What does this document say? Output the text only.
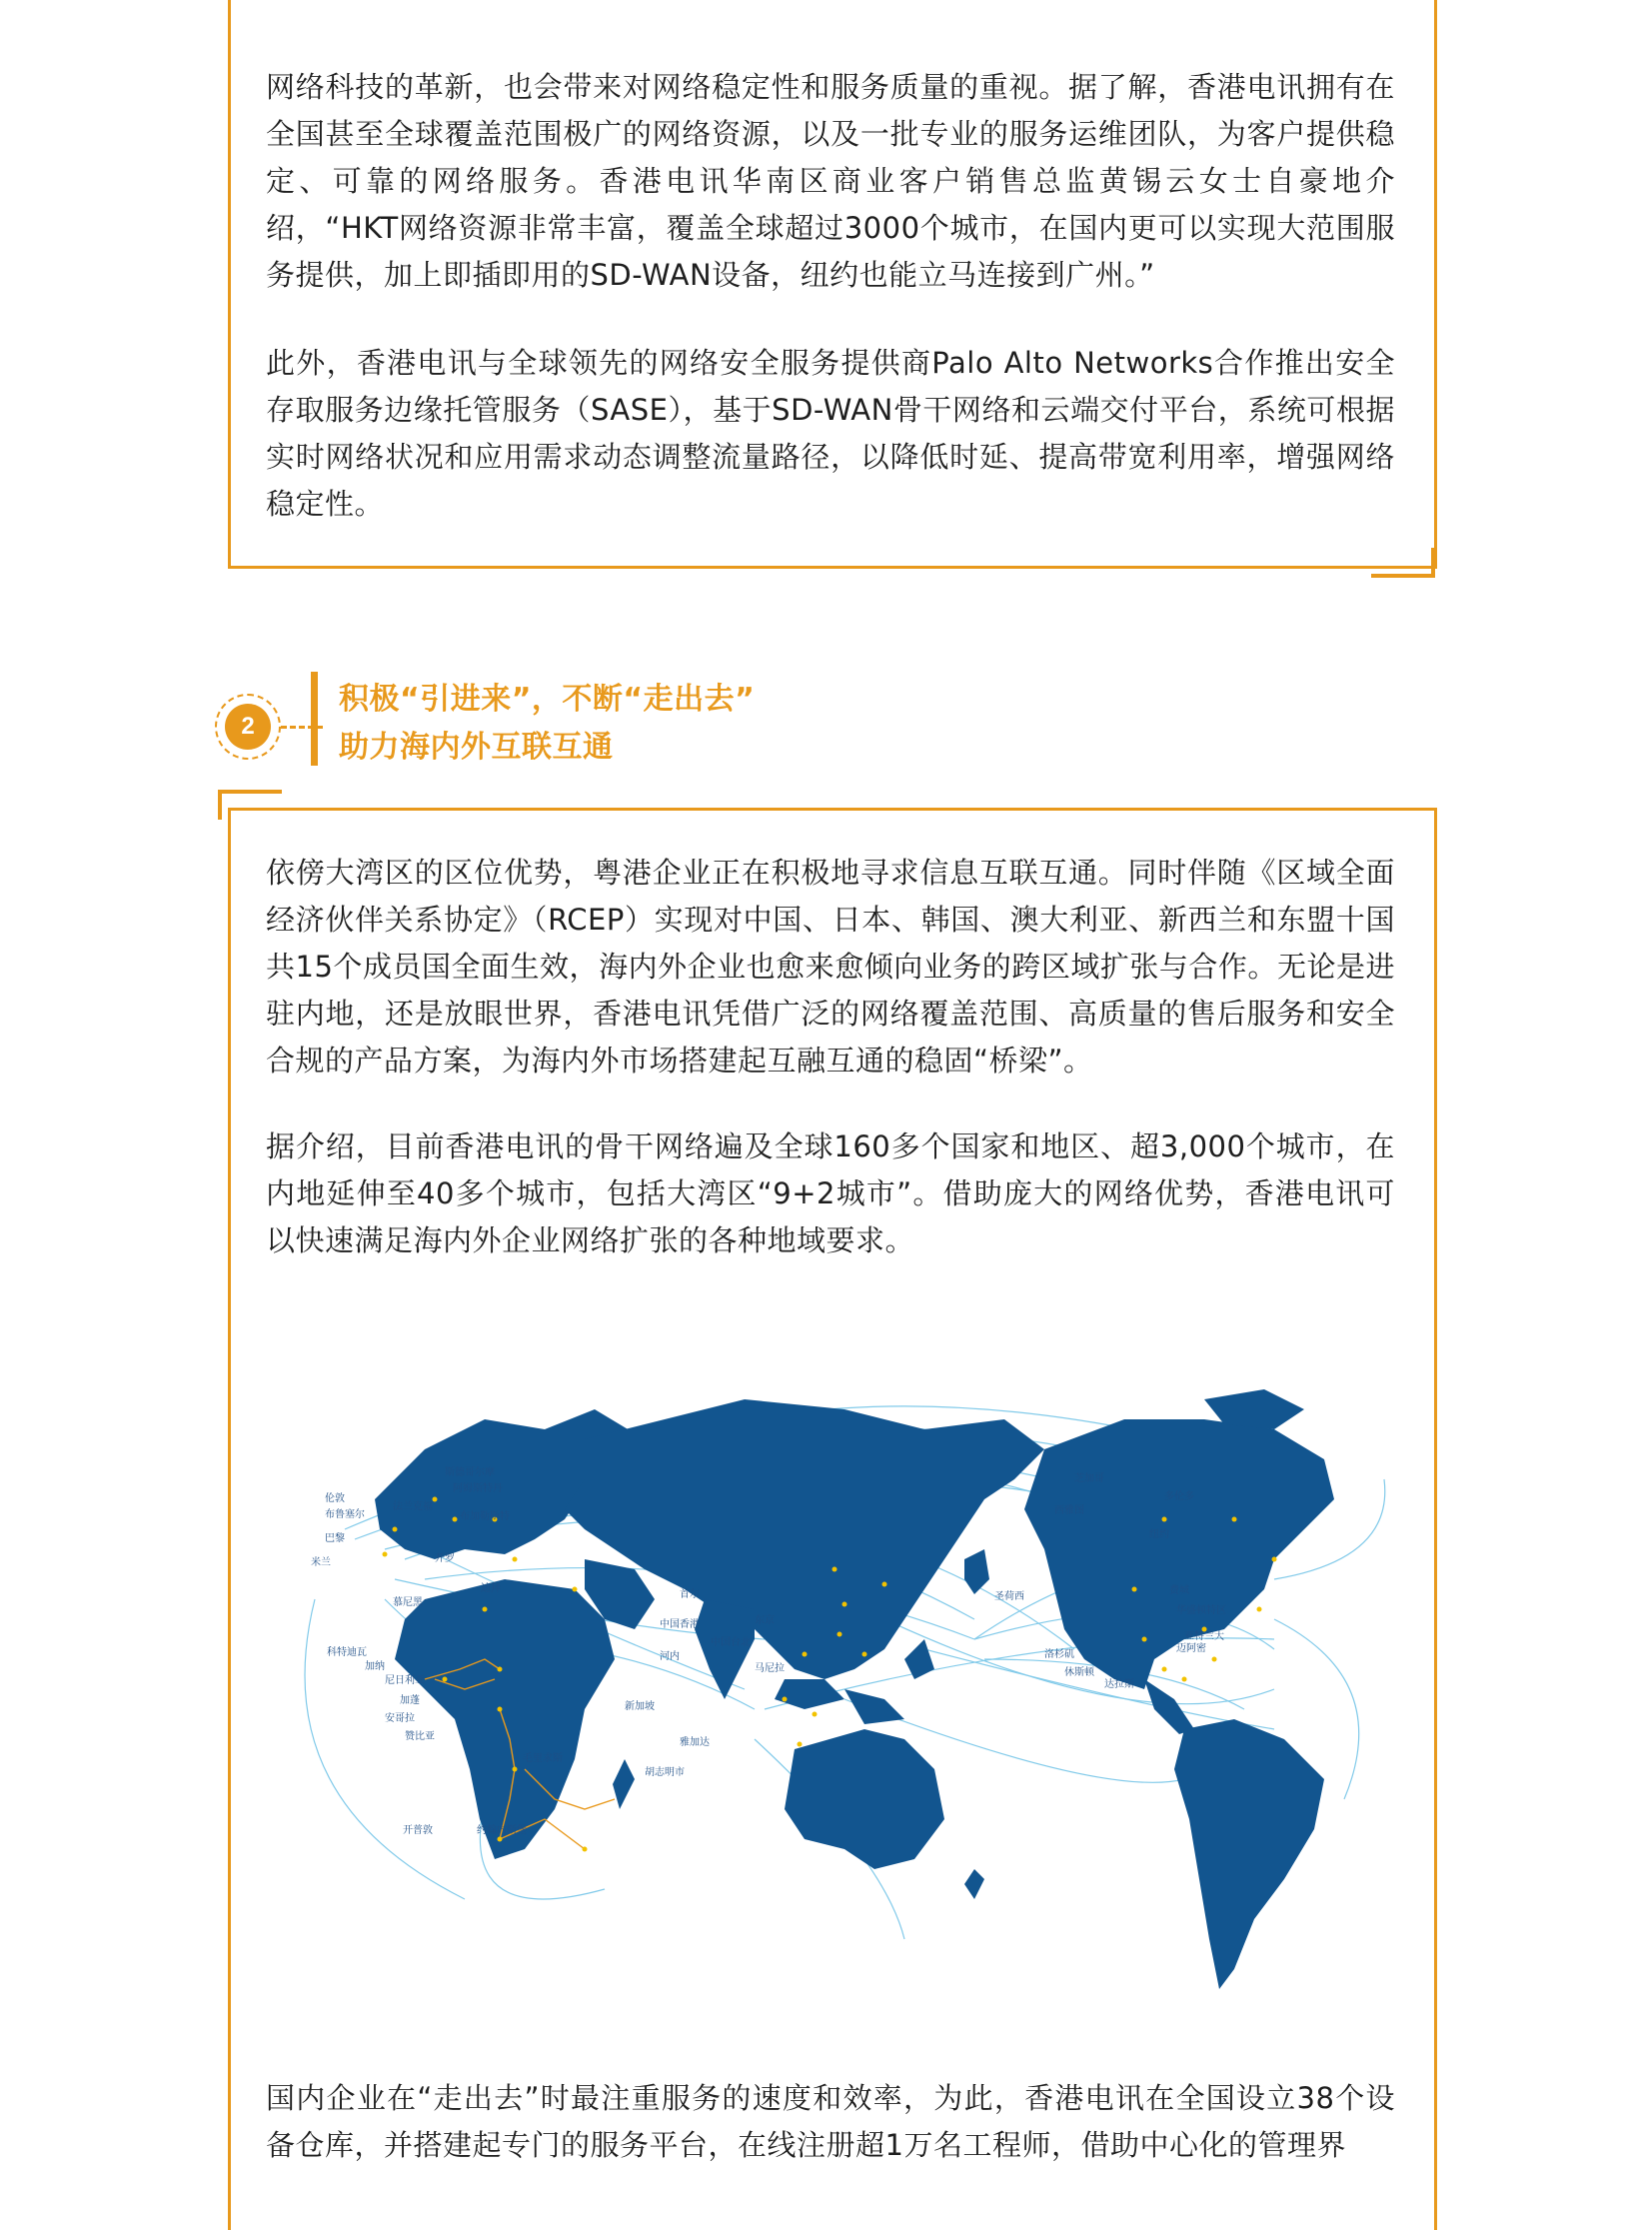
网络科技的革新，也会带来对网络稳定性和服务质量的重视。据了解，香港电讯拥有在全国甚至全球覆盖范围极广的网络资源，以及一批专业的服务运维团队，为客户提供稳定、可靠的网络服务。香港电讯华南区商业客户销售总监黄锡云女士自豪地介绍，“HKT网络资源非常丰富，覆盖全球超过3000个城市，在国内更可以实现大范围服务提供，加上即插即用的SD-WAN设备，纽约也能立马连接到广州。”

此外，香港电讯与全球领先的网络安全服务提供商Palo Alto Networks合作推出安全存取服务边缘托管服务（SASE），基于SD-WAN骨干网络和云端交付平台，系统可根据实时网络状况和应用需求动态调整流量路径，以降低时延、提高带宽利用率，增强网络稳定性。

2
积极“引进来”，不断“走出去”
助力海内外互联互通

依傍大湾区的区位优势，粤港企业正在积极地寻求信息互联互通。同时伴随《区域全面经济伙伴关系协定》（RCEP）实现对中国、日本、韩国、澳大利亚、新西兰和东盟十国共15个成员国全面生效，海内外企业也愈来愈倾向业务的跨区域扩张与合作。无论是进驻内地，还是放眼世界，香港电讯凭借广泛的网络覆盖范围、高质量的售后服务和安全合规的产品方案，为海内外市场搭建起互融互通的稳固“桥梁”。

据介绍，目前香港电讯的骨干网络遍及全球160多个国家和地区、超3,000个城市，在内地延伸至40多个城市，包括大湾区“9+2城市”。借助庞大的网络优势，香港电讯可以快速满足海内外企业网络扩张的各种地域要求。

国内企业在“走出去”时最注重服务的速度和效率，为此，香港电讯在全国设立38个设备仓库，并搭建起专门的服务平台，在线注册超1万名工程师，借助中心化的管理界

斯德哥尔摩
阿姆斯特丹
伦敦
布鲁塞尔
法兰克福
布加勒斯特
巴黎
米兰	开罗
迪拜
慕尼黑
科特迪瓦
加纳
尼日利亚
加蓬
安哥拉
赞比亚
毛里求斯
开普敦	约翰内斯堡
首尔
中国香港	东京
中国台北
河内
马尼拉
新加坡
雅加达
胡志明市
芝加哥
多伦多
西雅图
纽约
圣荷西
费城
华盛顿特区
洛杉矶
亚特兰大
迈阿密
休斯顿
达拉斯
